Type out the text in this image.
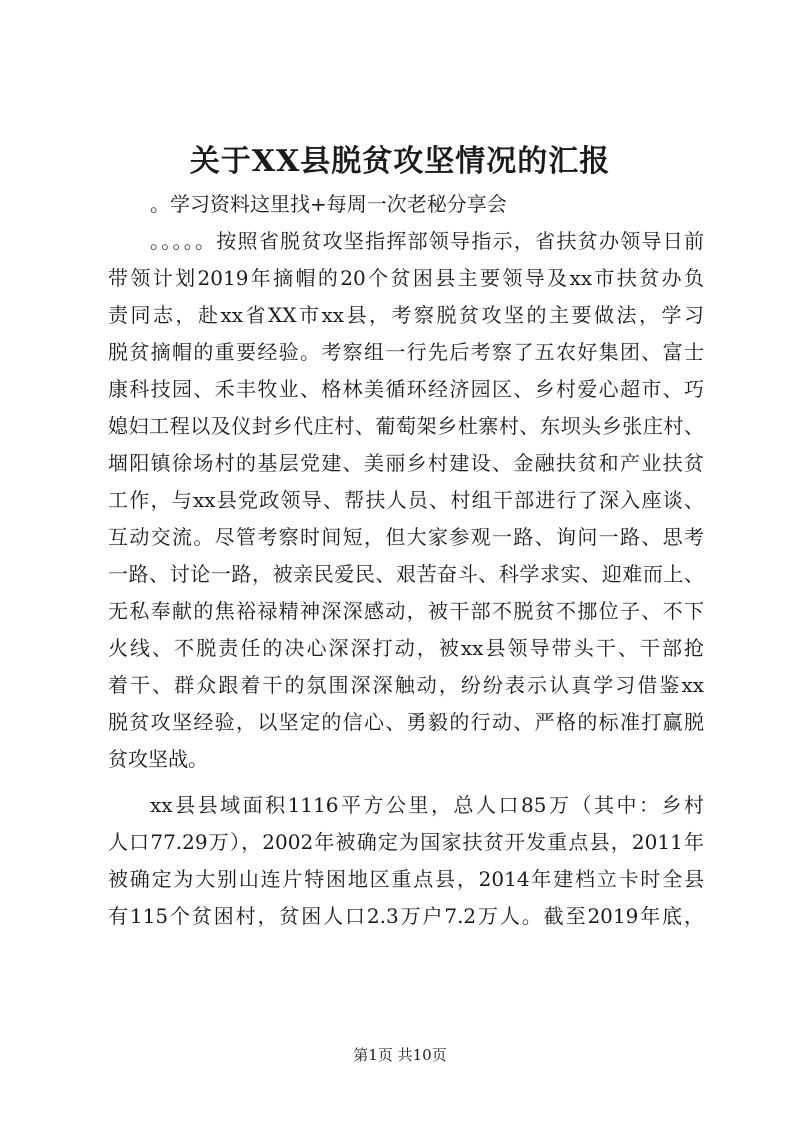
关于XX县脱贫攻坚情况的汇报
。学习资料这里找+每周一次老秘分享会
。。。。。按照省脱贫攻坚指挥部领导指示，省扶贫办领导日前
带领计划2019年摘帽的20个贫困县主要领导及xx市扶贫办负
责同志，赴xx省XX市xx县，考察脱贫攻坚的主要做法，学习
脱贫摘帽的重要经验。考察组一行先后考察了五农好集团、富士
康科技园、禾丰牧业、格林美循环经济园区、乡村爱心超市、巧
媳妇工程以及仪封乡代庄村、葡萄架乡杜寨村、东坝头乡张庄村、
堌阳镇徐场村的基层党建、美丽乡村建设、金融扶贫和产业扶贫
工作，与xx县党政领导、帮扶人员、村组干部进行了深入座谈、
互动交流。尽管考察时间短，但大家参观一路、询问一路、思考
一路、讨论一路，被亲民爱民、艰苦奋斗、科学求实、迎难而上、
无私奉献的焦裕禄精神深深感动，被干部不脱贫不挪位子、不下
火线、不脱责任的决心深深打动，被xx县领导带头干、干部抢
着干、群众跟着干的氛围深深触动，纷纷表示认真学习借鉴xx
脱贫攻坚经验，以坚定的信心、勇毅的行动、严格的标准打赢脱
贫攻坚战。
xx县县域面积1116平方公里，总人口85万（其中：乡村
人口77.29万），2002年被确定为国家扶贫开发重点县，2011年
被确定为大别山连片特困地区重点县，2014年建档立卡时全县
有115个贫困村，贫困人口2.3万户7.2万人。截至2019年底，
第1页 共10页
